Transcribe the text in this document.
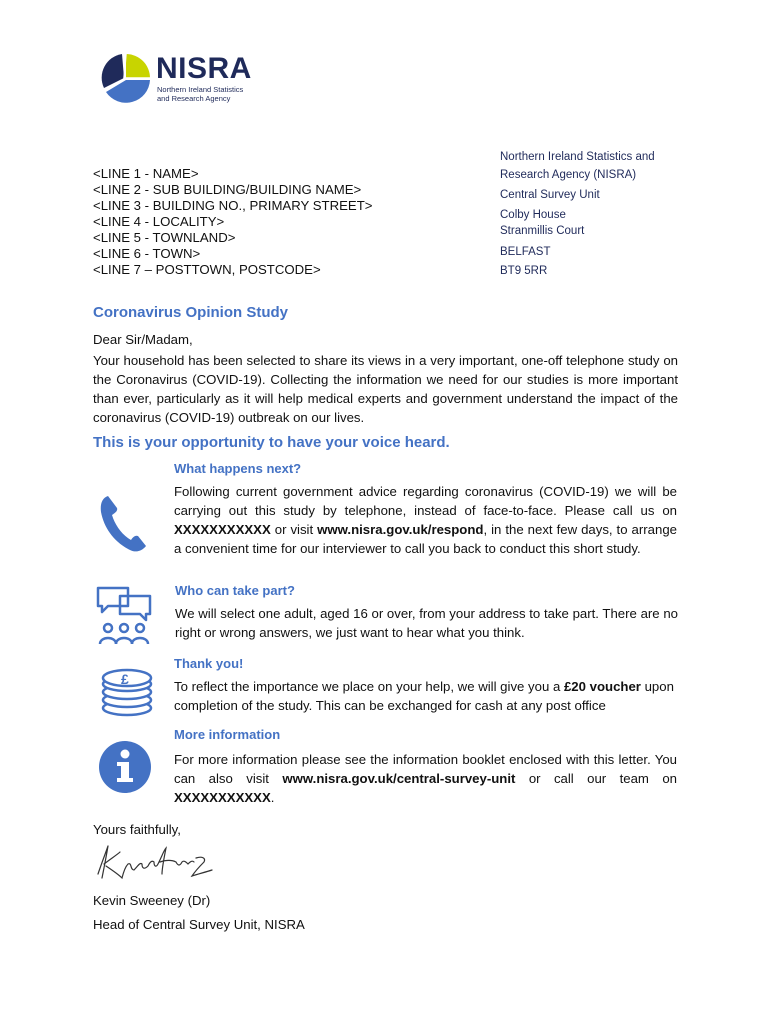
NISRA
Northern Ireland Statistics
and Research Agency
<LINE 1 - NAME>
<LINE 2 - SUB BUILDING/BUILDING NAME>
<LINE 3 - BUILDING NO., PRIMARY STREET>
<LINE 4 - LOCALITY>
<LINE 5 - TOWNLAND>
<LINE 6 - TOWN>
<LINE 7 – POSTTOWN, POSTCODE>
Northern Ireland Statistics and
Research Agency (NISRA)
Central Survey Unit
Colby House
Stranmillis Court
BELFAST
BT9 5RR
Coronavirus Opinion Study
Dear Sir/Madam,
Your household has been selected to share its views in a very important, one-off telephone study on the Coronavirus (COVID-19). Collecting the information we need for our studies is more important than ever, particularly as it will help medical experts and government understand the impact of the coronavirus (COVID-19) outbreak on our lives.
This is your opportunity to have your voice heard.
What happens next?
Following current government advice regarding coronavirus (COVID-19) we will be carrying out this study by telephone, instead of face-to-face. Please call us on XXXXXXXXXXX or visit www.nisra.gov.uk/respond, in the next few days, to arrange a convenient time for our interviewer to call you back to conduct this short study.
Who can take part?
We will select one adult, aged 16 or over, from your address to take part. There are no right or wrong answers, we just want to hear what you think.
£
Thank you!
To reflect the importance we place on your help, we will give you a £20 voucher upon completion of the study. This can be exchanged for cash at any post office
More information
For more information please see the information booklet enclosed with this letter. You can also visit www.nisra.gov.uk/central-survey-unit or call our team on XXXXXXXXXXX.
Yours faithfully,
Kevin Sweeney (Dr)
Head of Central Survey Unit, NISRA
